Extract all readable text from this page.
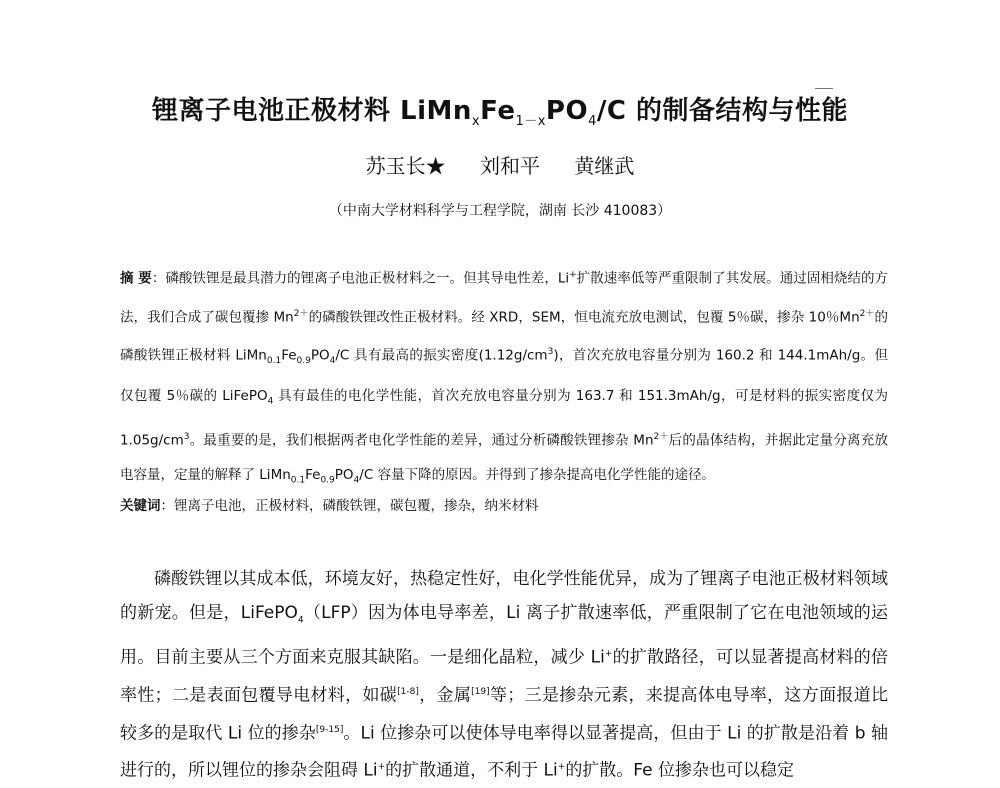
锂离子电池正极材料 $LiMn_xFe_{1-x}PO_4/C$ 的制备结构与性能
苏玉长★ 刘和平 黄继武
（中南大学材料科学与工程学院，湖南 长沙 410083）

摘 要：磷酸铁锂是最具潜力的锂离子电池正极材料之一。但其导电性差，Li+扩散速率低等严重限制了其发展。通过固相烧结的方法，我们合成了碳包覆掺 $Mn^{2+}$的磷酸铁锂改性正极材料。经 XRD，SEM，恒电流充放电测试，包覆 5％碳，掺杂 10％$Mn^{2+}$的磷酸铁锂正极材料 $LiMn_{0.1}Fe_{0.9}PO_4/C$ 具有最高的振实密度$(1.12g/cm^3)$，首次充放电容量分别为 160.2 和 144.1mAh/g。但仅包覆 5％碳的 LiFePO$_4$ 具有最佳的电化学性能，首次充放电容量分别为 163.7 和 151.3mAh/g，可是材料的振实密度仅为 $1.05g/cm^3$。最重要的是，我们根据两者电化学性能的差异，通过分析磷酸铁锂掺杂 $Mn^{2+}$后的晶体结构，并据此定量分离充放电容量，定量的解释了 $LiMn_{0.1}Fe_{0.9}PO_4/C$ 容量下降的原因。并得到了掺杂提高电化学性能的途径。

关键词：锂离子电池，正极材料，磷酸铁锂，碳包覆，掺杂，纳米材料

磷酸铁锂以其成本低，环境友好，热稳定性好，电化学性能优异，成为了锂离子电池正极材料领域的新宠。但是，LiFePO$_4$（LFP）因为体电导率差，Li 离子扩散速率低，严重限制了它在电池领域的运用。目前主要从三个方面来克服其缺陷。一是细化晶粒，减少 Li+的扩散路径，可以显著提高材料的倍率性；二是表面包覆导电材料，如碳[1-8]，金属[19]等；三是掺杂元素，来提高体电导率，这方面报道比较多的是取代 Li 位的掺杂[9-15]。Li 位掺杂可以使体导电率得以显著提高，但由于 Li 的扩散是沿着 b 轴进行的，所以锂位的掺杂会阻碍 Li+的扩散通道，不利于 Li+的扩散。Fe 位掺杂也可以稳定
